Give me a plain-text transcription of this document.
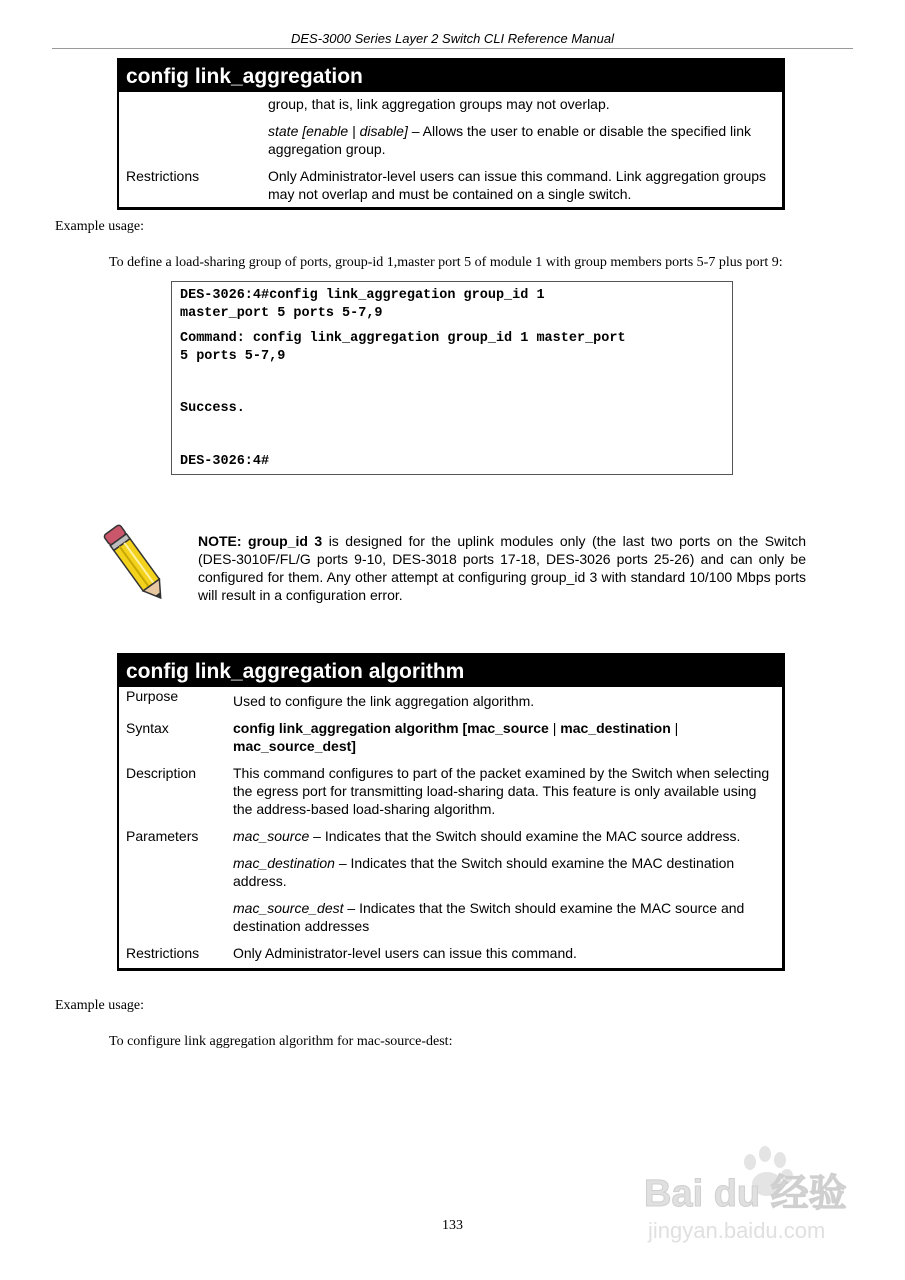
DES-3000 Series Layer 2 Switch CLI Reference Manual
config link_aggregation

group, that is, link aggregation groups may not overlap.

state [enable | disable] – Allows the user to enable or disable the specified link aggregation group.

Restrictions	Only Administrator-level users can issue this command. Link aggregation groups may not overlap and must be contained on a single switch.
Example usage:
To define a load-sharing group of ports, group-id 1,master port 5 of module 1 with group members ports 5-7 plus port 9:
DES-3026:4#config link_aggregation group_id 1
master_port 5 ports 5-7,9
Command: config link_aggregation group_id 1 master_port
5 ports 5-7,9
Success.
DES-3026:4#
NOTE: group_id 3 is designed for the uplink modules only (the last two ports on the Switch (DES-3010F/FL/G ports 9-10, DES-3018 ports 17-18, DES-3026 ports 25-26) and can only be configured for them. Any other attempt at configuring group_id 3 with standard 10/100 Mbps ports will result in a configuration error.
config link_aggregation algorithm
Purpose	Used to configure the link aggregation algorithm.

Syntax	config link_aggregation algorithm [mac_source | mac_destination | mac_source_dest]

Description	This command configures to part of the packet examined by the Switch when selecting the egress port for transmitting load-sharing data. This feature is only available using the address-based load-sharing algorithm.

Parameters mac_source – Indicates that the Switch should examine the MAC source address.

mac_destination – Indicates that the Switch should examine the MAC destination address.

mac_source_dest – Indicates that the Switch should examine the MAC source and destination addresses

Restrictions Only Administrator-level users can issue this command.
Example usage:
To configure link aggregation algorithm for mac-source-dest:
133
Bai du 经验
jingyan.baidu.com
